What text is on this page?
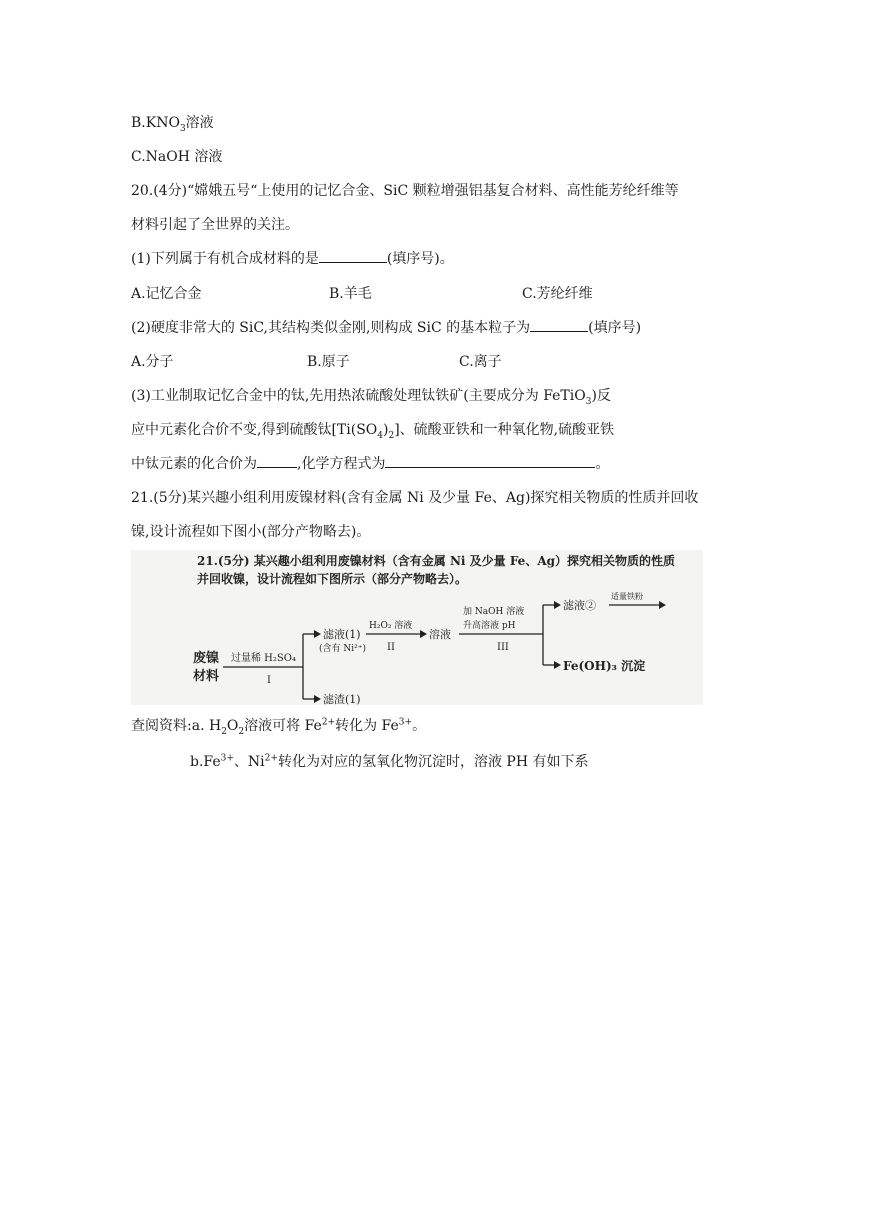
$B.KNO_3$溶液
C.NaOH 溶液
20.(4分)“嫦娥五号“上使用的记忆合金、SiC 颗粒增强铝基复合材料、高性能芳纶纤维等
材料引起了全世界的关注。
(1)下列属于有机合成材料的是	(填序号)。
A.记忆合金	B.羊毛	C.芳纶纤维
(2)硬度非常大的 SiC,其结构类似金刚,则构成 SiC 的基本粒子为	(填序号)
A.分子	B.原子	C.离子
(3)工业制取记忆合金中的钛,先用热浓硫酸处理钛铁矿(主要成分为 FeTiO$_3$)反
应中元素化合价不变,得到硫酸钛$[Ti(SO_4)_2]$、硫酸亚铁和一种氧化物,硫酸亚铁
中钛元素的化合价为	,化学方程式为	。
21.(5分)某兴趣小组利用废镍材料(含有金属 Ni 及少量 Fe、Ag)探究相关物质的性质并回收
镍,设计流程如下图小(部分产物略去)。
21.(5分) 某兴趣小组利用废镍材料（含有金属 Ni 及少量 Fe、Ag）探究相关物质的性质
并回收镍，设计流程如下图所示（部分产物略去）。
废镍
材料
过量稀 H₂SO₄
I
滤液(1)
(含有 Ni²⁺)
滤渣(1)
H₂O₂ 溶液
II
溶液
加 NaOH 溶液
升高溶液 pH
III
滤液②
适量铁粉
Fe(OH)₃ 沉淀
查阅资料:a. $H_2O_2$溶液可将 $Fe^{2+}$转化为 $Fe^{3+}$。
$b.Fe^{3+}$、$Ni^{2+}$转化为对应的氢氧化物沉淀时，溶液 PH 有如下系
